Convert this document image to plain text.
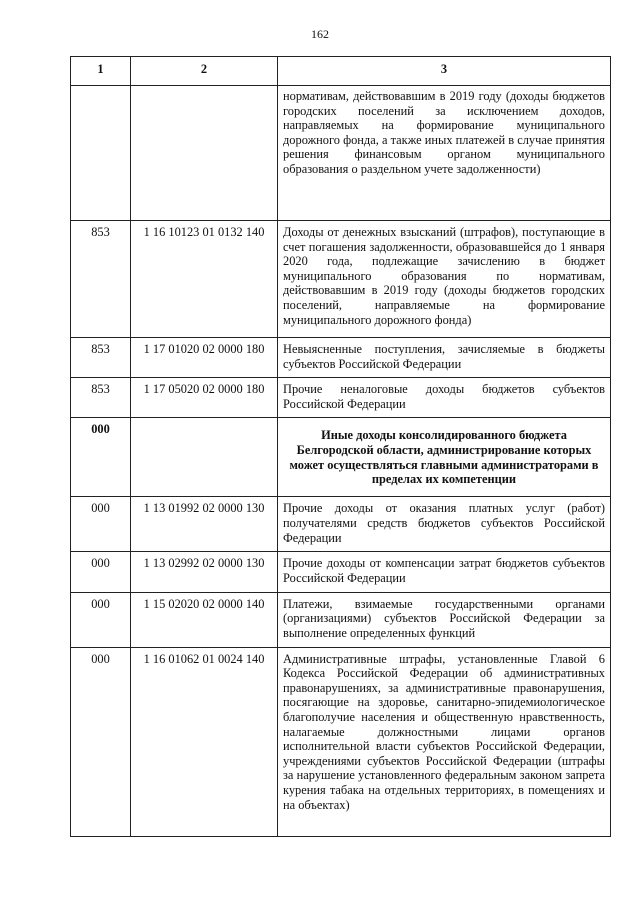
162
1	2	3
		нормативам, действовавшим в 2019 году (доходы бюджетов городских поселений за исключением доходов, направляемых на формирование муниципального дорожного фонда, а также иных платежей в случае принятия решения финансовым органом муниципального образования о раздельном учете задолженности)
853	1 16 10123 01 0132 140	Доходы от денежных взысканий (штрафов), поступающие в счет погашения задолженности, образовавшейся до 1 января 2020 года, подлежащие зачислению в бюджет муниципального образования по нормативам, действовавшим в 2019 году (доходы бюджетов городских поселений, направляемые на формирование муниципального дорожного фонда)
853	1 17 01020 02 0000 180	Невыясненные поступления, зачисляемые в бюджеты субъектов Российской Федерации
853	1 17 05020 02 0000 180	Прочие неналоговые доходы бюджетов субъектов Российской Федерации
000		Иные доходы консолидированного бюджета Белгородской области, администрирование которых может осуществляться главными администраторами в пределах их компетенции
000	1 13 01992 02 0000 130	Прочие доходы от оказания платных услуг (работ) получателями средств бюджетов субъектов Российской Федерации
000	1 13 02992 02 0000 130	Прочие доходы от компенсации затрат бюджетов субъектов Российской Федерации
000	1 15 02020 02 0000 140	Платежи, взимаемые государственными органами (организациями) субъектов Российской Федерации за выполнение определенных функций
000	1 16 01062 01 0024 140	Административные штрафы, установленные Главой 6 Кодекса Российской Федерации об административных правонарушениях, за административные правонарушения, посягающие на здоровье, санитарно-эпидемиологическое благополучие населения и общественную нравственность, налагаемые должностными лицами органов исполнительной власти субъектов Российской Федерации, учреждениями субъектов Российской Федерации (штрафы за нарушение установленного федеральным законом запрета курения табака на отдельных территориях, в помещениях и на объектах)
